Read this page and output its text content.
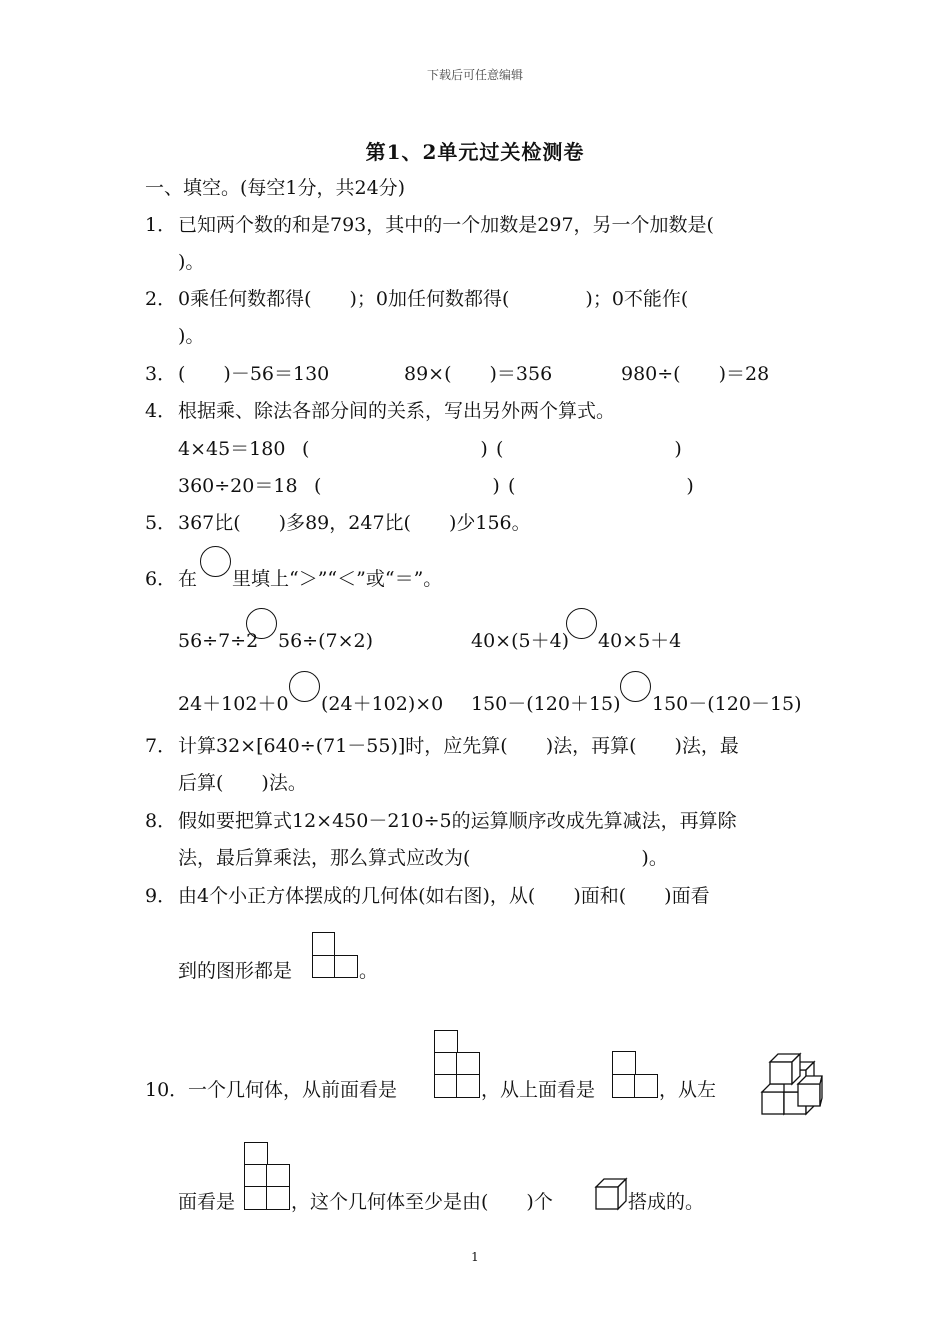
下载后可任意编辑
第1、2单元过关检测卷
一、填空。(每空1分，共24分)
1． 已知两个数的和是793，其中的一个加数是297，另一个加数是(
)。
2． 0乘任何数都得(　　)；0加任何数都得(　　　　)；0不能作(
)。
3． (　　)－56＝130	89×(　　)＝356	980÷(　　)＝28
4． 根据乘、除法各部分间的关系，写出另外两个算式。
4×45＝180 (　　　　　　　　　) (　　　　　　　　　)
360÷20＝18 (　　　　　　　　　) (　　　　　　　　　)
5． 367比(　　)多89，247比(　　)少156。
6． 在 里填上“＞”“＜”或“＝”。
56÷7÷2 56÷(7×2)	40×(5＋4) 40×5＋4
24＋102＋0 (24＋102)×0 150－(120＋15) 150－(120－15)
7． 计算32×[640÷(71－55)]时，应先算(　　)法，再算(　　)法，最
后算(　　)法。
8． 假如要把算式12×450－210÷5的运算顺序改成先算减法，再算除
法，最后算乘法，那么算式应改为(　　　　　　　　　)。
9． 由4个小正方体摆成的几何体(如右图)，从(　　)面和(　　)面看
到的图形都是	。
10． 一个几何体，从前面看是	，从上面看是	，从左
面看是	，这个几何体至少是由(　　)个	搭成的。
1
